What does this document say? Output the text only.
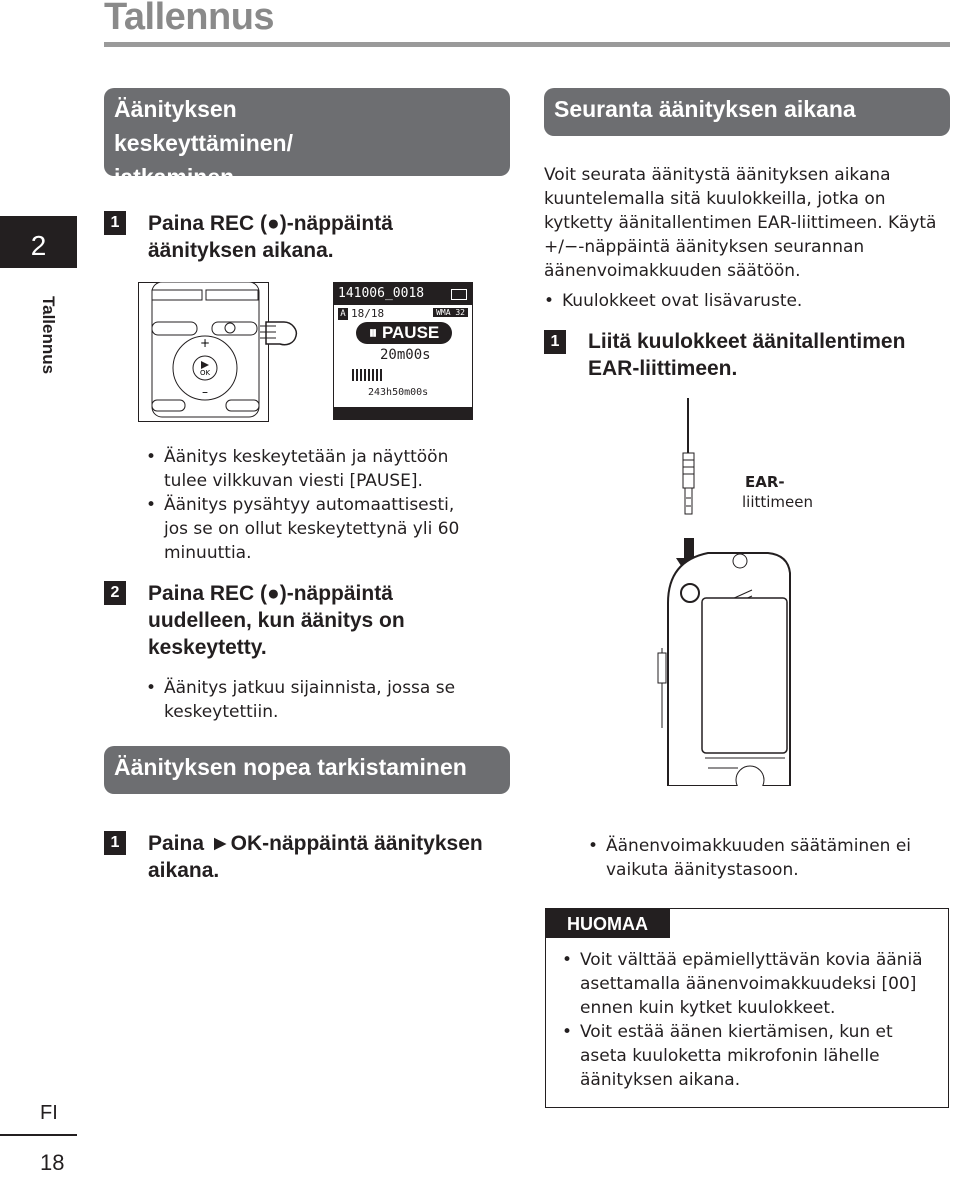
Tallennus
2
Tallennus
Äänityksen keskeyttäminen/ jatkaminen
1	Paina REC (●)-näppäintä
äänityksen aikana.
OK
+
–
141006_0018
A 18/18	WMA 32
⏸ PAUSE
20m00s
243h50m00s
• Äänitys keskeytetään ja näyttöön tulee vilkkuvan viesti [PAUSE].
• Äänitys pysähtyy automaattisesti, jos se on ollut keskeytettynä yli 60 minuuttia.
2	Paina REC (●)-näppäintä uudelleen, kun äänitys on keskeytetty.
• Äänitys jatkuu sijainnista, jossa se keskeytettiin.
Äänityksen nopea tarkistaminen
1	Paina ►OK-näppäintä äänityksen aikana.
Seuranta äänityksen aikana
Voit seurata äänitystä äänityksen aikana kuuntelemalla sitä kuulokkeilla, jotka on kytketty äänitallentimen EAR-liittimeen. Käytä +/−-näppäintä äänityksen seurannan äänenvoimakkuuden säätöön.
• Kuulokkeet ovat lisävaruste.
1	Liitä kuulokkeet äänitallentimen EAR-liittimeen.
EAR-
liittimeen
• Äänenvoimakkuuden säätäminen ei vaikuta äänitystasoon.
HUOMAA
• Voit välttää epämiellyttävän kovia ääniä asettamalla äänenvoimakkuudeksi [00] ennen kuin kytket kuulokkeet.
• Voit estää äänen kiertämisen, kun et aseta kuuloketta mikrofonin lähelle äänityksen aikana.
FI
18
